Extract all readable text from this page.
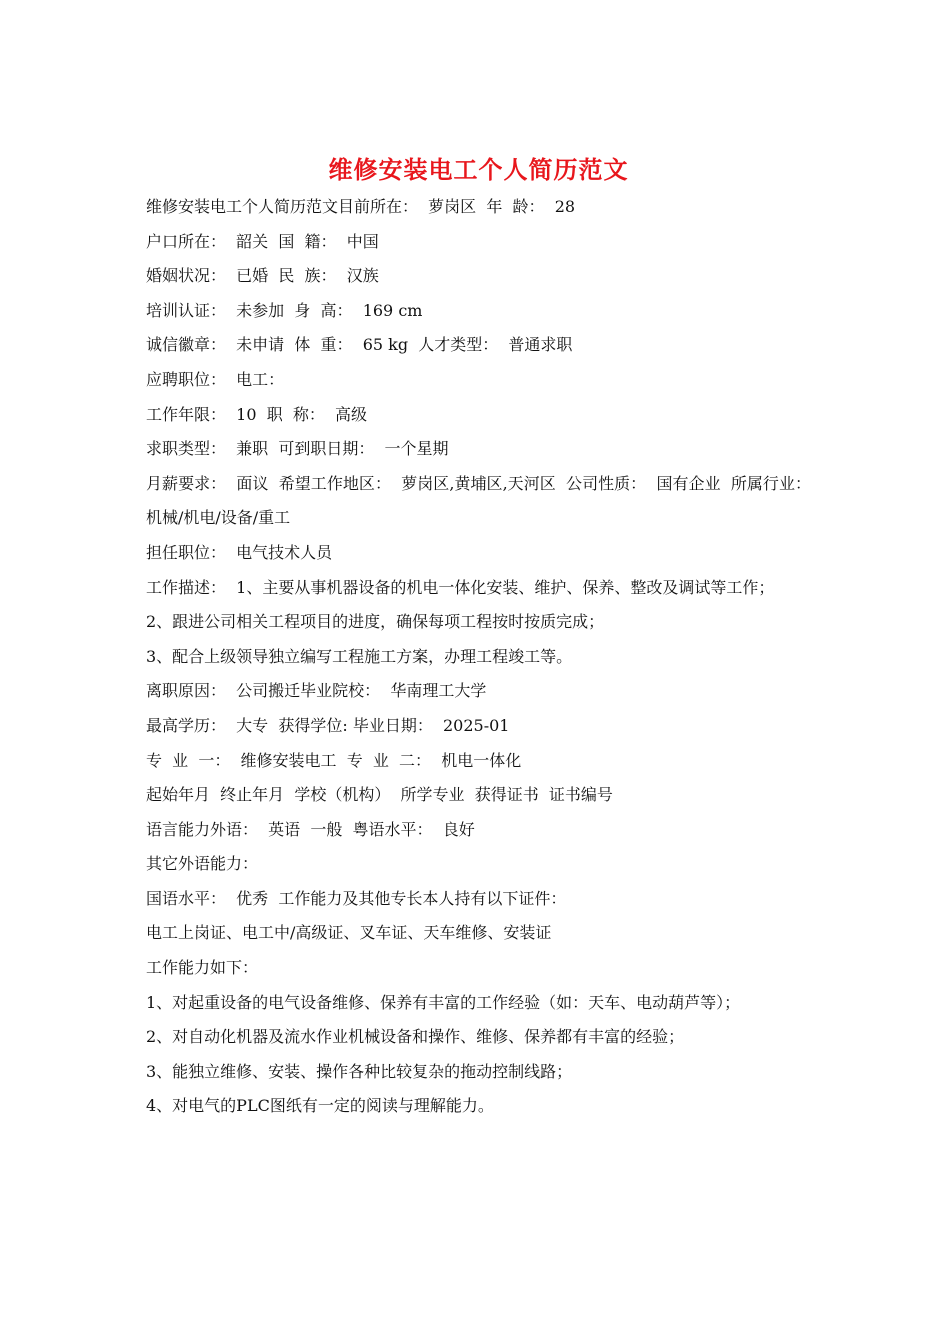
维修安装电工个人简历范文
维修安装电工个人简历范文目前所在：  萝岗区  年  龄：  28
户口所在：  韶关  国  籍：  中国
婚姻状况：  已婚  民  族：  汉族
培训认证：  未参加  身  高：  169 cm
诚信徽章：  未申请  体  重：  65 kg  人才类型：  普通求职
应聘职位：  电工：
工作年限：  10  职  称：  高级
求职类型：  兼职  可到职日期：  一个星期
月薪要求：  面议  希望工作地区：  萝岗区,黄埔区,天河区  公司性质：  国有企业  所属行业：机械/机电/设备/重工
担任职位：  电气技术人员
工作描述：  1、主要从事机器设备的机电一体化安装、维护、保养、整改及调试等工作；
2、跟进公司相关工程项目的进度，确保每项工程按时按质完成；
3、配合上级领导独立编写工程施工方案，办理工程竣工等。
离职原因：  公司搬迁毕业院校：  华南理工大学
最高学历：  大专  获得学位: 毕业日期：  2025-01
专  业  一：  维修安装电工  专  业  二：  机电一体化
起始年月  终止年月  学校（机构）  所学专业  获得证书  证书编号
语言能力外语：  英语  一般  粤语水平：  良好
其它外语能力：
国语水平：  优秀  工作能力及其他专长本人持有以下证件：
电工上岗证、电工中/高级证、叉车证、天车维修、安装证
工作能力如下：
1、对起重设备的电气设备维修、保养有丰富的工作经验（如：天车、电动葫芦等）；
2、对自动化机器及流水作业机械设备和操作、维修、保养都有丰富的经验；
3、能独立维修、安装、操作各种比较复杂的拖动控制线路；
4、对电气的PLC图纸有一定的阅读与理解能力。
